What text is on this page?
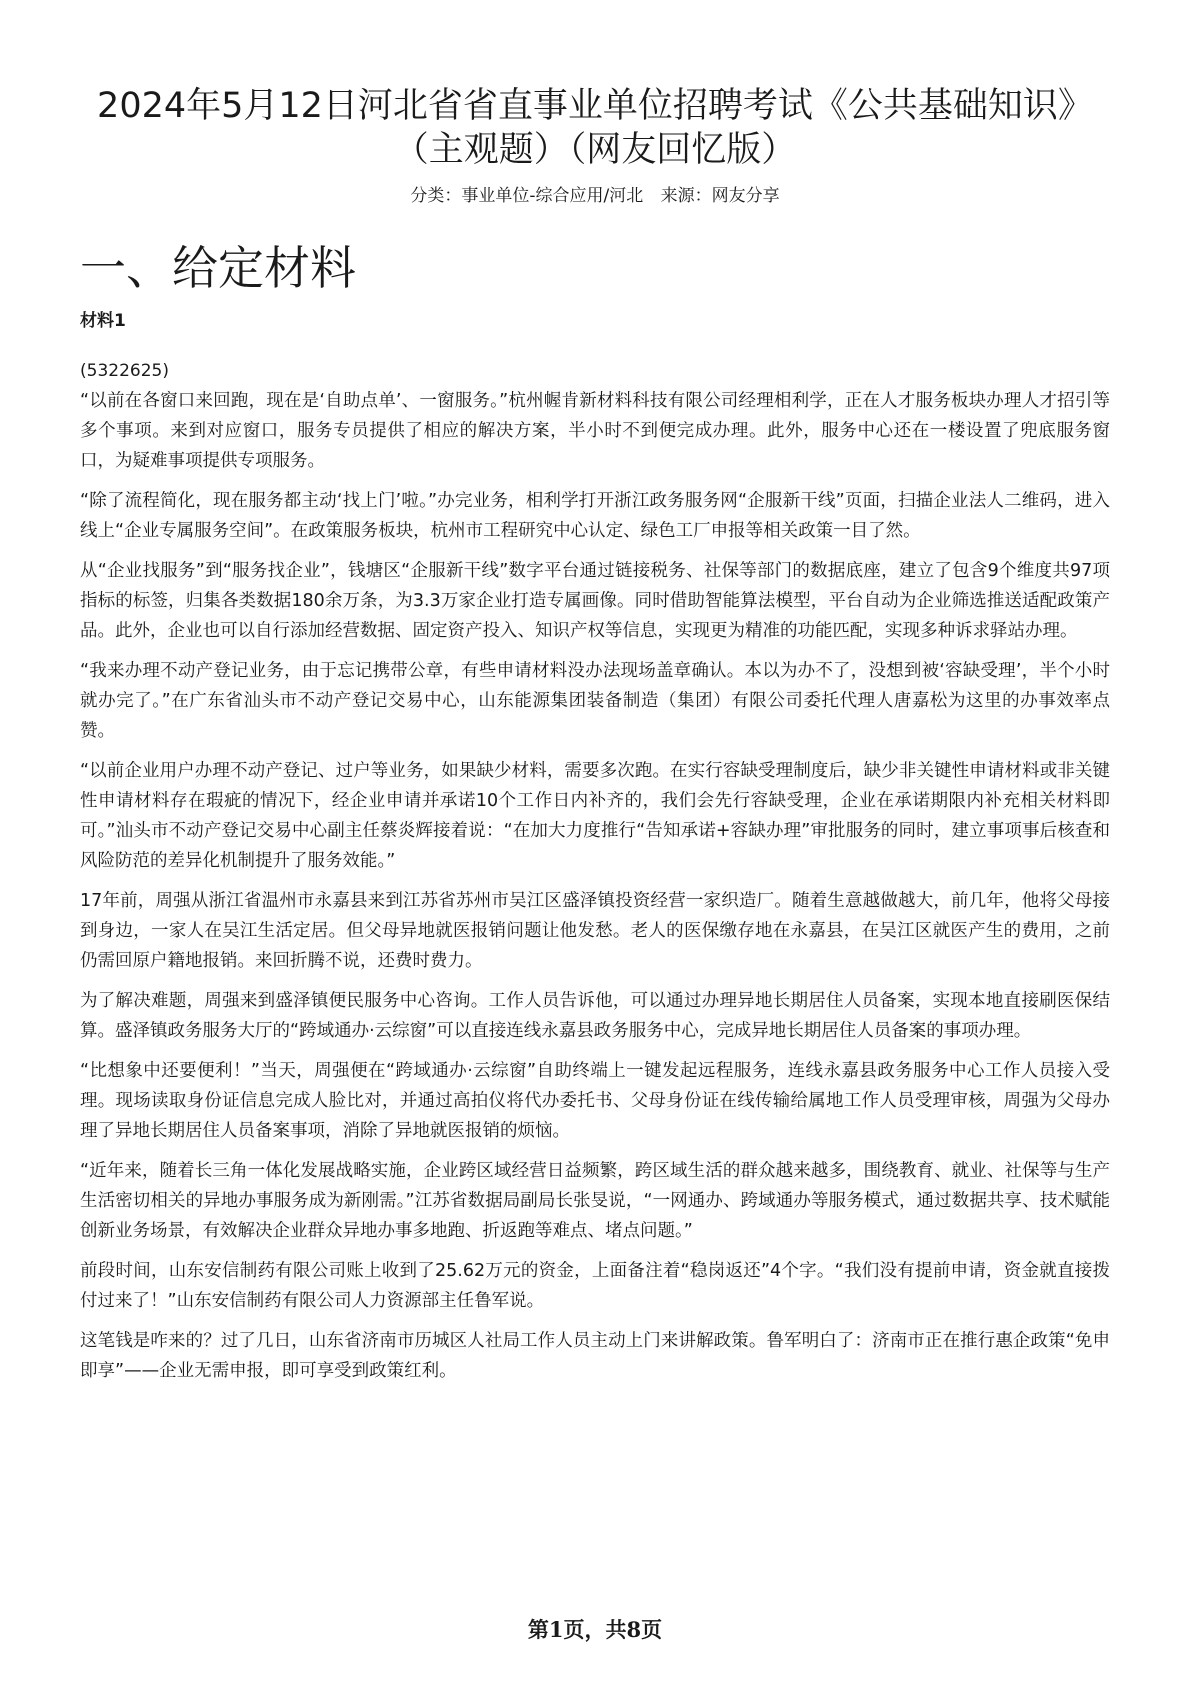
2024年5月12日河北省省直事业单位招聘考试《公共基础知识》
（主观题）（网友回忆版）
分类：事业单位-综合应用/河北 来源：网友分享
一、给定材料
材料1

(5322625)

“以前在各窗口来回跑，现在是‘自助点单’、一窗服务。”杭州幄肯新材料科技有限公司经理相利学，正在人才服务板块办理人才招引等多个事项。来到对应窗口，服务专员提供了相应的解决方案，半小时不到便完成办理。此外，服务中心还在一楼设置了兜底服务窗口，为疑难事项提供专项服务。

“除了流程简化，现在服务都主动‘找上门’啦。”办完业务，相利学打开浙江政务服务网“企服新干线”页面，扫描企业法人二维码，进入线上“企业专属服务空间”。在政策服务板块，杭州市工程研究中心认定、绿色工厂申报等相关政策一目了然。

从“企业找服务”到“服务找企业”，钱塘区“企服新干线”数字平台通过链接税务、社保等部门的数据底座，建立了包含9个维度共97项指标的标签，归集各类数据180余万条，为3.3万家企业打造专属画像。同时借助智能算法模型，平台自动为企业筛选推送适配政策产品。此外，企业也可以自行添加经营数据、固定资产投入、知识产权等信息，实现更为精准的功能匹配，实现多种诉求驿站办理。

“我来办理不动产登记业务，由于忘记携带公章，有些申请材料没办法现场盖章确认。本以为办不了，没想到被‘容缺受理’，半个小时就办完了。”在广东省汕头市不动产登记交易中心，山东能源集团装备制造（集团）有限公司委托代理人唐嘉松为这里的办事效率点赞。

“以前企业用户办理不动产登记、过户等业务，如果缺少材料，需要多次跑。在实行容缺受理制度后，缺少非关键性申请材料或非关键性申请材料存在瑕疵的情况下，经企业申请并承诺10个工作日内补齐的，我们会先行容缺受理，企业在承诺期限内补充相关材料即可。”汕头市不动产登记交易中心副主任蔡炎辉接着说：“在加大力度推行“告知承诺+容缺办理”审批服务的同时，建立事项事后核查和风险防范的差异化机制提升了服务效能。”

17年前，周强从浙江省温州市永嘉县来到江苏省苏州市吴江区盛泽镇投资经营一家织造厂。随着生意越做越大，前几年，他将父母接到身边，一家人在吴江生活定居。但父母异地就医报销问题让他发愁。老人的医保缴存地在永嘉县，在吴江区就医产生的费用，之前仍需回原户籍地报销。来回折腾不说，还费时费力。

为了解决难题，周强来到盛泽镇便民服务中心咨询。工作人员告诉他，可以通过办理异地长期居住人员备案，实现本地直接刷医保结算。盛泽镇政务服务大厅的“跨域通办·云综窗”可以直接连线永嘉县政务服务中心，完成异地长期居住人员备案的事项办理。

“比想象中还要便利！”当天，周强便在“跨域通办·云综窗”自助终端上一键发起远程服务，连线永嘉县政务服务中心工作人员接入受理。现场读取身份证信息完成人脸比对，并通过高拍仪将代办委托书、父母身份证在线传输给属地工作人员受理审核，周强为父母办理了异地长期居住人员备案事项，消除了异地就医报销的烦恼。

“近年来，随着长三角一体化发展战略实施，企业跨区域经营日益频繁，跨区域生活的群众越来越多，围绕教育、就业、社保等与生产生活密切相关的异地办事服务成为新刚需。”江苏省数据局副局长张旻说，“一网通办、跨域通办等服务模式，通过数据共享、技术赋能创新业务场景，有效解决企业群众异地办事多地跑、折返跑等难点、堵点问题。”

前段时间，山东安信制药有限公司账上收到了25.62万元的资金，上面备注着“稳岗返还”4个字。“我们没有提前申请，资金就直接拨付过来了！”山东安信制药有限公司人力资源部主任鲁军说。

这笔钱是咋来的？过了几日，山东省济南市历城区人社局工作人员主动上门来讲解政策。鲁军明白了：济南市正在推行惠企政策“免申即享”——企业无需申报，即可享受到政策红利。

第1页，共8页
